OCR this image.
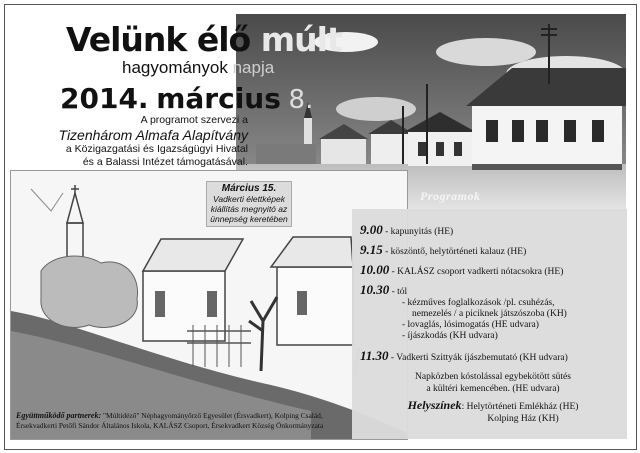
Velünk élő múlt
hagyományok napja
2014. március 8.
A programot szervezi a
Tizenhárom Almafa Alapítvány
a Közigazgatási és Igazságügyi Hivatal
és a Balassi Intézet támogatásával.
Március 15.
Vadkerti élettképek
kiállítás megnyitó az
ünnepség keretében
Programok
9.00 - kapunyitás (HE)
9.15 - köszöntő, helytörténeti kalauz (HE)
10.00 - KALÁSZ csoport vadkerti nótacsokra (HE)
10.30 - tól
- kézműves foglalkozások /pl. csuhézás,
nemezelés / a piciknek játszószoba (KH)
- lovaglás, lósimogatás (HE udvara)
- íjászkodás (KH udvara)
11.30 - Vadkerti Szittyák íjászbemutató (KH udvara)
Napközben kóstolással egybekötött sütés
a kültéri kemencében. (HE udvara)
Helyszínek: Helytörténeti Emlékház (HE)
Kolping Ház (KH)
Együttműködő partnerek: "Múltidéző" Néphagyományőrző Egyesület (Érsvadkert), Kolping Család,
Érsekvadkerti Petőfi Sándor Általános Iskola, KALÁSZ Csoport, Érsekvadkert Község Önkormányzata
